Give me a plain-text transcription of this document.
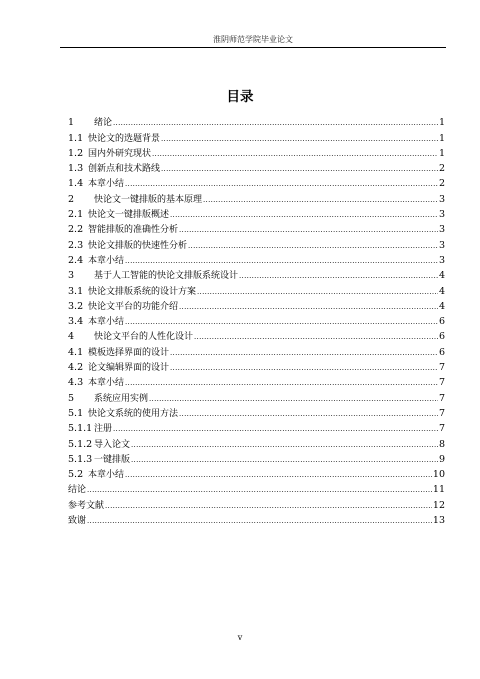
淮阴师范学院毕业论文
目录
1	绪论 .....	1
1.1 快论文的选题背景 .....	1
1.2 国内外研究现状 .....	1
1.3 创新点和技术路线 .....	2
1.4 本章小结 .....	2
2	快论文一键排版的基本原理 .....	3
2.1 快论文一键排版概述 .....	3
2.2 智能排版的准确性分析 .....	3
2.3 快论文排版的快速性分析 .....	3
2.4 本章小结 .....	3
3	基于人工智能的快论文排版系统设计 .....	4
3.1 快论文排版系统的设计方案 .....	4
3.2 快论文平台的功能介绍 .....	4
3.4 本章小结 .....	6
4	快论文平台的人性化设计 .....	6
4.1 模板选择界面的设计 .....	6
4.2 论文编辑界面的设计 .....	7
4.3 本章小结 .....	7
5	系统应用实例 .....	7
5.1 快论文系统的使用方法 .....	7
5.1.1 注册 .....	7
5.1.2 导入论文 .....	8
5.1.3 一键排版 .....	9
5.2 本章小结 .....	10
结论 .....	11
参考文献 .....	12
致谢 .....	13
v
